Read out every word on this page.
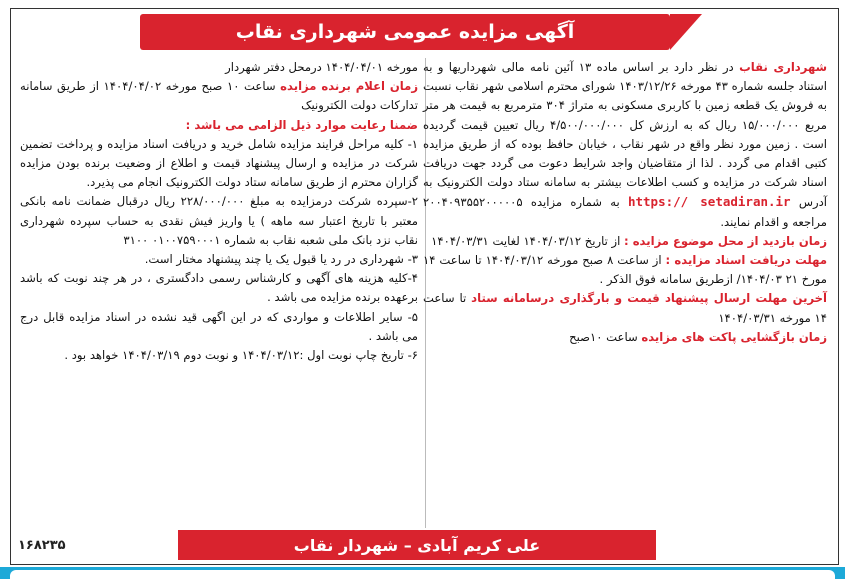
آگهی مزایده عمومی شهرداری نقاب

شهرداری نقاب در نظر دارد بر اساس ماده ۱۳ آئین نامه مالی شهرداریها و به استناد جلسه شماره ۴۳ مورخه ۱۴۰۳/۱۲/۲۶ شورای محترم اسلامی شهر نقاب نسبت به فروش یک قطعه زمین با کاربری مسکونی به متراژ ۳۰۴ مترمربع به قیمت هر متر مربع ۱۵/۰۰۰/۰۰۰ ریال که به ارزش کل ۴/۵۰۰/۰۰۰/۰۰۰ ریال تعیین قیمت گردیده است . زمین مورد نظر واقع در شهر نقاب ، خیابان حافظ بوده که از طریق مزایده کتبی اقدام می گردد . لذا از متقاضیان واجد شرایط دعوت می گردد جهت دریافت اسناد شرکت در مزایده و کسب اطلاعات بیشتر به سامانه ستاد دولت الکترونیک به آدرس https:// setadiran.ir به شماره مزایده ۲۰۰۴۰۹۳۵۵۲۰۰۰۰۰۵ مراجعه و اقدام نمایند.

زمان بازدید از محل موضوع مزایده : از تاریخ ۱۴۰۴/۰۳/۱۲ لغایت ۱۴۰۴/۰۳/۳۱

مهلت دریافت اسناد مزایده : از ساعت ۸ صبح مورخه ۱۴۰۴/۰۳/۱۲ تا ساعت ۱۴ مورخ ۲۱ ۱۴۰۴/۰۳/ ازطریق سامانه فوق الذکر .

آخرین مهلت ارسال پیشنهاد قیمت و بارگذاری درسامانه ستاد تا ساعت ۱۴ مورخه ۱۴۰۴/۰۳/۳۱

زمان بازگشایی پاکت های مزایده ساعت ۱۰صبح

مورخه ۱۴۰۴/۰۴/۰۱ درمحل دفتر شهردار

زمان اعلام برنده مزایده ساعت ۱۰ صبح مورخه ۱۴۰۴/۰۴/۰۲ از طریق سامانه تدارکات دولت الکترونیک

ضمنا رعایت موارد ذیل الزامی می باشد :

۱- کلیه مراحل فرایند مزایده شامل خرید و دریافت اسناد مزایده و پرداخت تضمین شرکت در مزایده و ارسال پیشنهاد قیمت و اطلاع از وضعیت برنده بودن مزایده گزاران محترم از طریق سامانه ستاد دولت الکترونیک انجام می پذیرد.

۲-سپرده شرکت درمزایده به مبلغ ۲۲۸/۰۰۰/۰۰۰ ریال درقبال ضمانت نامه بانکی معتبر با تاریخ اعتبار سه ماهه ) یا واریز فیش نقدی به حساب سپرده شهرداری نقاب نزد بانک ملی شعبه نقاب به شماره ۰۱۰۰۷۵۹۰۰۰۱ ۳۱۰۰

۳- شهرداری در رد یا قبول یک یا چند پیشنهاد مختار است.

۴-کلیه هزینه های آگهی و کارشناس رسمی دادگستری ، در هر چند نوبت که باشد برعهده برنده مزایده می باشد .

۵- سایر اطلاعات و مواردی که در این اگهی قید نشده در اسناد مزایده قابل درج می باشد .

۶- تاریخ چاپ نوبت اول :۱۴۰۴/۰۳/۱۲ و نوبت دوم ۱۴۰۴/۰۳/۱۹ خواهد بود .

۱۶۸۲۳۵	علی کریم آبادی – شهردار نقاب
